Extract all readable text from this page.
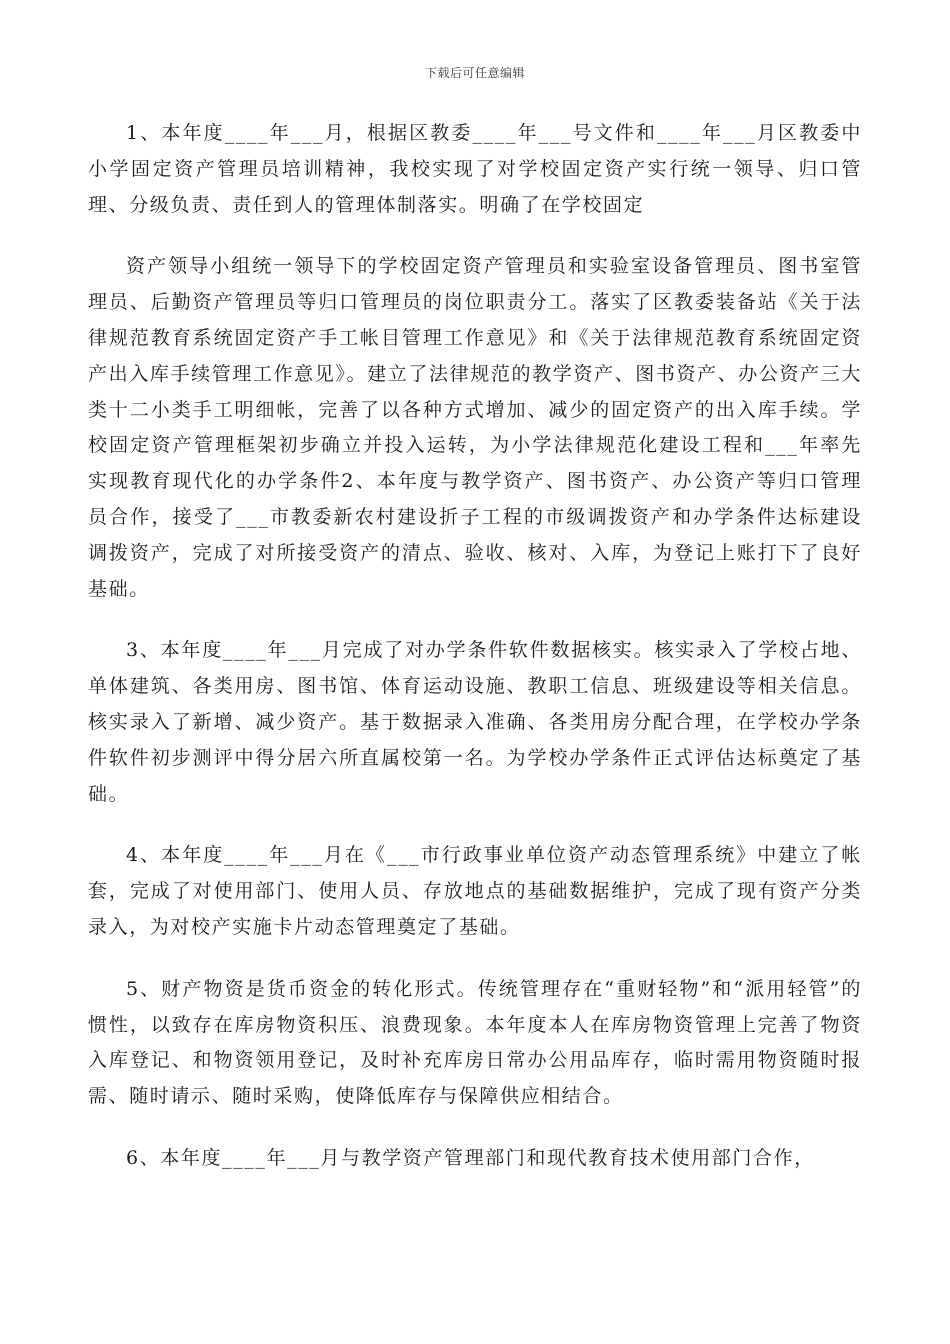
下载后可任意编辑

1、本年度____年___月，根据区教委____年___号文件和____年___月区教委中小学固定资产管理员培训精神，我校实现了对学校固定资产实行统一领导、归口管理、分级负责、责任到人的管理体制落实。明确了在学校固定

资产领导小组统一领导下的学校固定资产管理员和实验室设备管理员、图书室管理员、后勤资产管理员等归口管理员的岗位职责分工。落实了区教委装备站《关于法律规范教育系统固定资产手工帐目管理工作意见》和《关于法律规范教育系统固定资产出入库手续管理工作意见》。建立了法律规范的教学资产、图书资产、办公资产三大类十二小类手工明细帐，完善了以各种方式增加、减少的固定资产的出入库手续。学校固定资产管理框架初步确立并投入运转，为小学法律规范化建设工程和___年率先实现教育现代化的办学条件2、本年度与教学资产、图书资产、办公资产等归口管理员合作，接受了___市教委新农村建设折子工程的市级调拨资产和办学条件达标建设调拨资产，完成了对所接受资产的清点、验收、核对、入库，为登记上账打下了良好基础。

3、本年度____年___月完成了对办学条件软件数据核实。核实录入了学校占地、单体建筑、各类用房、图书馆、体育运动设施、教职工信息、班级建设等相关信息。核实录入了新增、减少资产。基于数据录入准确、各类用房分配合理，在学校办学条件软件初步测评中得分居六所直属校第一名。为学校办学条件正式评估达标奠定了基础。

4、本年度____年___月在《___市行政事业单位资产动态管理系统》中建立了帐套，完成了对使用部门、使用人员、存放地点的基础数据维护，完成了现有资产分类录入，为对校产实施卡片动态管理奠定了基础。

5、财产物资是货币资金的转化形式。传统管理存在“重财轻物”和“派用轻管”的惯性，以致存在库房物资积压、浪费现象。本年度本人在库房物资管理上完善了物资入库登记、和物资领用登记，及时补充库房日常办公用品库存，临时需用物资随时报需、随时请示、随时采购，使降低库存与保障供应相结合。

6、本年度____年___月与教学资产管理部门和现代教育技术使用部门合作，
